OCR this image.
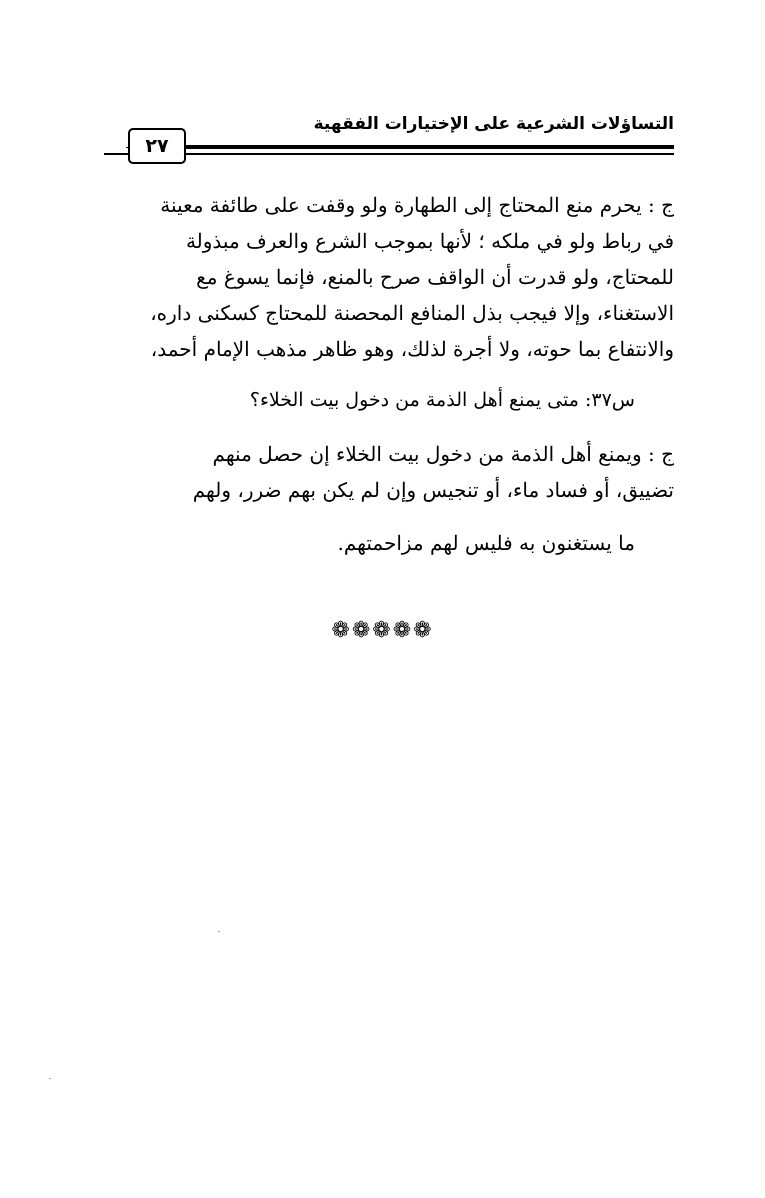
التساؤلات الشرعية على الإختيارات الفقهية
٢٧
ج : يحرم منع المحتاج إلى الطهارة ولو وقفت على طائفة معينة
في رباط ولو في ملكه ؛ لأنها بموجب الشرع والعرف مبذولة
للمحتاج، ولو قدرت أن الواقف صرح بالمنع، فإنما يسوغ مع
الاستغناء، وإلا فيجب بذل المنافع المحصنة للمحتاج كسكنى داره،
والانتفاع بما حوته، ولا أجرة لذلك، وهو ظاهر مذهب الإمام أحمد،
س٣٧: متى يمنع أهل الذمة من دخول بيت الخلاء؟
ج : ويمنع أهل الذمة من دخول بيت الخلاء إن حصل منهم
تضييق، أو فساد ماء، أو تنجيس وإن لم يكن بهم ضرر، ولهم
ما يستغنون به فليس لهم مزاحمتهم.
❁❁❁❁❁
